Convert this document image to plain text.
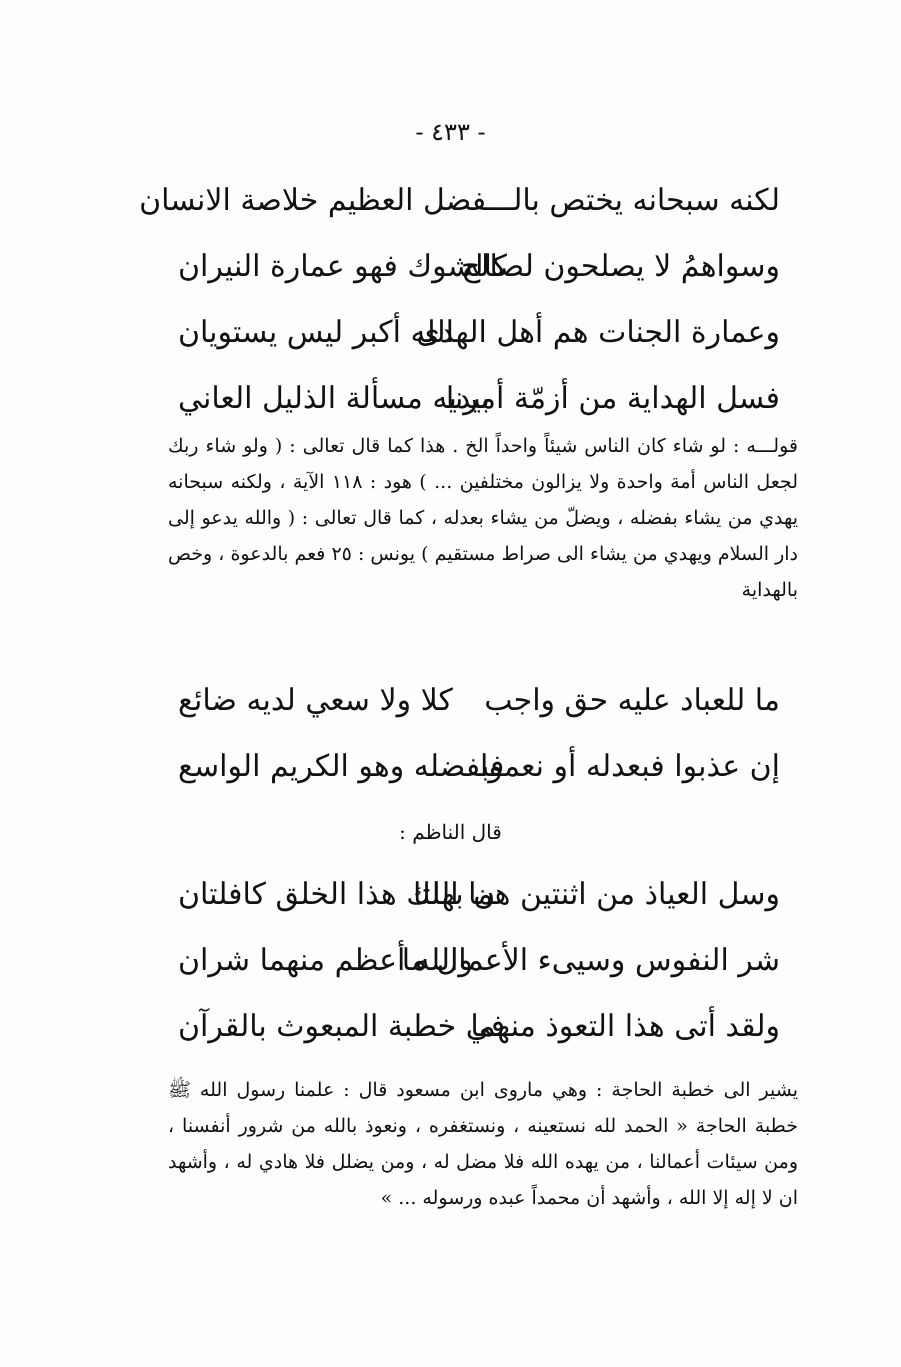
- ٤٣٣ -
لكنه سبحانه يختص بالـــفضل العظيم خلاصة الانسان
وسواهمُ لا يصلحون لصالح
كالشوك فهو عمارة النيران
وعمارة الجنات هم أهل الهدى
الله أكبر ليس يستويان
فسل الهداية من أزمّة أمرنا
بيديه مسألة الذليل العاني

قولـــه : لو شاء كان الناس شيئاً واحداً الخ . هذا كما قال تعالى : ( ولو شاء ربك لجعل الناس أمة واحدة ولا يزالون مختلفين ... ) هود : ١١٨ الآية ، ولكنه سبحانه يهدي من يشاء بفضله ، ويضلّ من يشاء بعدله ، كما قال تعالى : ( والله يدعو إلى دار السلام ويهدي من يشاء الى صراط مستقيم ) يونس : ٢٥ فعم بالدعوة ، وخص بالهداية

ما للعباد عليه حق واجب
كلا ولا سعي لديه ضائع
إن عذبوا فبعدله أو نعموا
فبفضله وهو الكريم الواسع
قال الناظم :
وسل العياذ من اثنتين هما اللتا
ن بهلك هذا الخلق كافلتان
شر النفوس وسيىء الأعمال ما
والله أعظم منهما شران
ولقد أتى هذا التعوذ منهما
في خطبة المبعوث بالقرآن

يشير الى خطبة الحاجة : وهي ماروى ابن مسعود قال : علمنا رسول الله ﷺ خطبة الحاجة « الحمد لله نستعينه ، ونستغفره ، ونعوذ بالله من شرور أنفسنا ، ومن سيئات أعمالنا ، من يهده الله فلا مضل له ، ومن يضلل فلا هادي له ، وأشهد ان لا إله إلا الله ، وأشهد أن محمداً عبده ورسوله ... »
